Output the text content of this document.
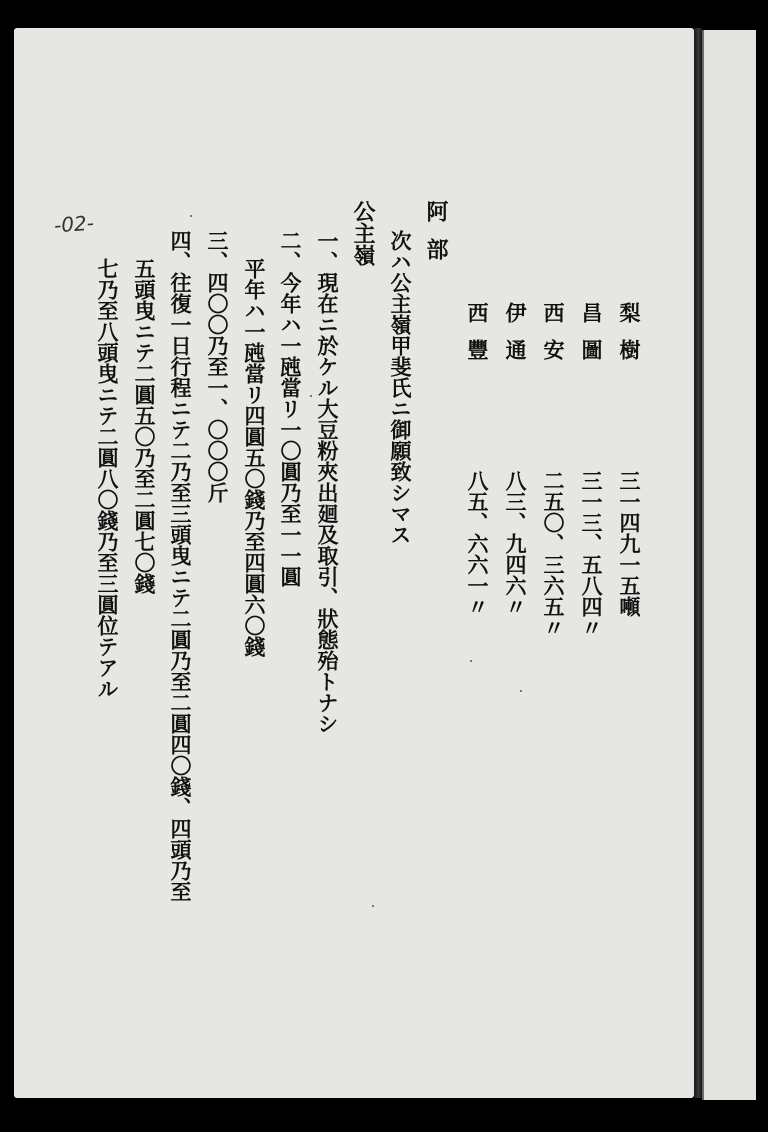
梨樹
三一四九一五噸
昌圖
三一三、五八四〃
西安
二五〇、三六五〃
伊通
八三、九四六〃
西豐
八五、六六一〃
阿部
次ハ公主嶺甲斐氏ニ御願致シマス
公主嶺
一、現在ニ於ケル大豆粉夾出廻及取引、狀態殆トナシ
二、今年ハ一瓲當リ一〇圓乃至一一圓
平年ハ一瓲當リ四圓五〇錢乃至四圓六〇錢
三、四〇〇乃至一、〇〇〇斤
四、往復一日行程ニテ二乃至三頭曳ニテ二圓乃至二圓四〇錢、四頭乃至
五頭曳ニテ二圓五〇乃至二圓七〇錢
七乃至八頭曳ニテ二圓八〇錢乃至三圓位テアル
-02-
